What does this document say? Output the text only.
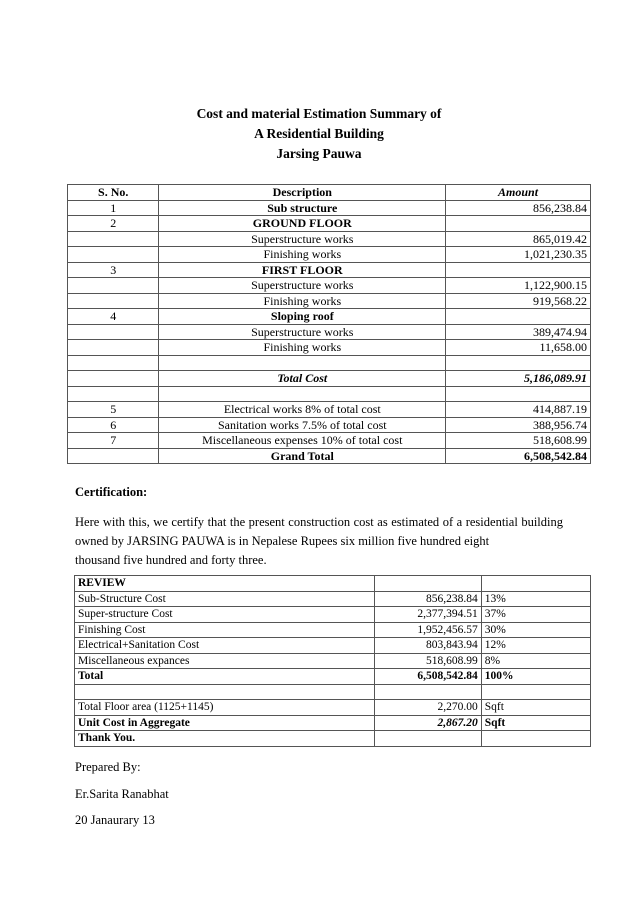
Cost and material Estimation Summary of
A Residential Building
Jarsing Pauwa
S. No.	Description	Amount
1	Sub structure	856,238.84
2	GROUND FLOOR	
	Superstructure works	865,019.42
	Finishing works	1,021,230.35
3	FIRST FLOOR	
	Superstructure works	1,122,900.15
	Finishing works	919,568.22
4	Sloping roof	
	Superstructure works	389,474.94
	Finishing works	11,658.00

	Total Cost	5,186,089.91

5	Electrical works 8% of total cost	414,887.19
6	Sanitation works 7.5% of total cost	388,956.74
7	Miscellaneous expenses 10% of total cost	518,608.99
	Grand Total	6,508,542.84
Certification:
Here with this, we certify that the present construction cost as estimated of a residential building owned by JARSING PAUWA is in Nepalese Rupees six million five hundred eight
thousand five hundred and forty three.
REVIEW		
Sub-Structure Cost	856,238.84	13%
Super-structure Cost	2,377,394.51	37%
Finishing Cost	1,952,456.57	30%
Electrical+Sanitation Cost	803,843.94	12%
Miscellaneous expances	518,608.99	8%
Total	6,508,542.84	100%

Total Floor area (1125+1145)	2,270.00	Sqft
Unit Cost in Aggregate	2,867.20	Sqft
Thank You.		
Prepared By:
Er.Sarita Ranabhat
20 Janaurary 13
